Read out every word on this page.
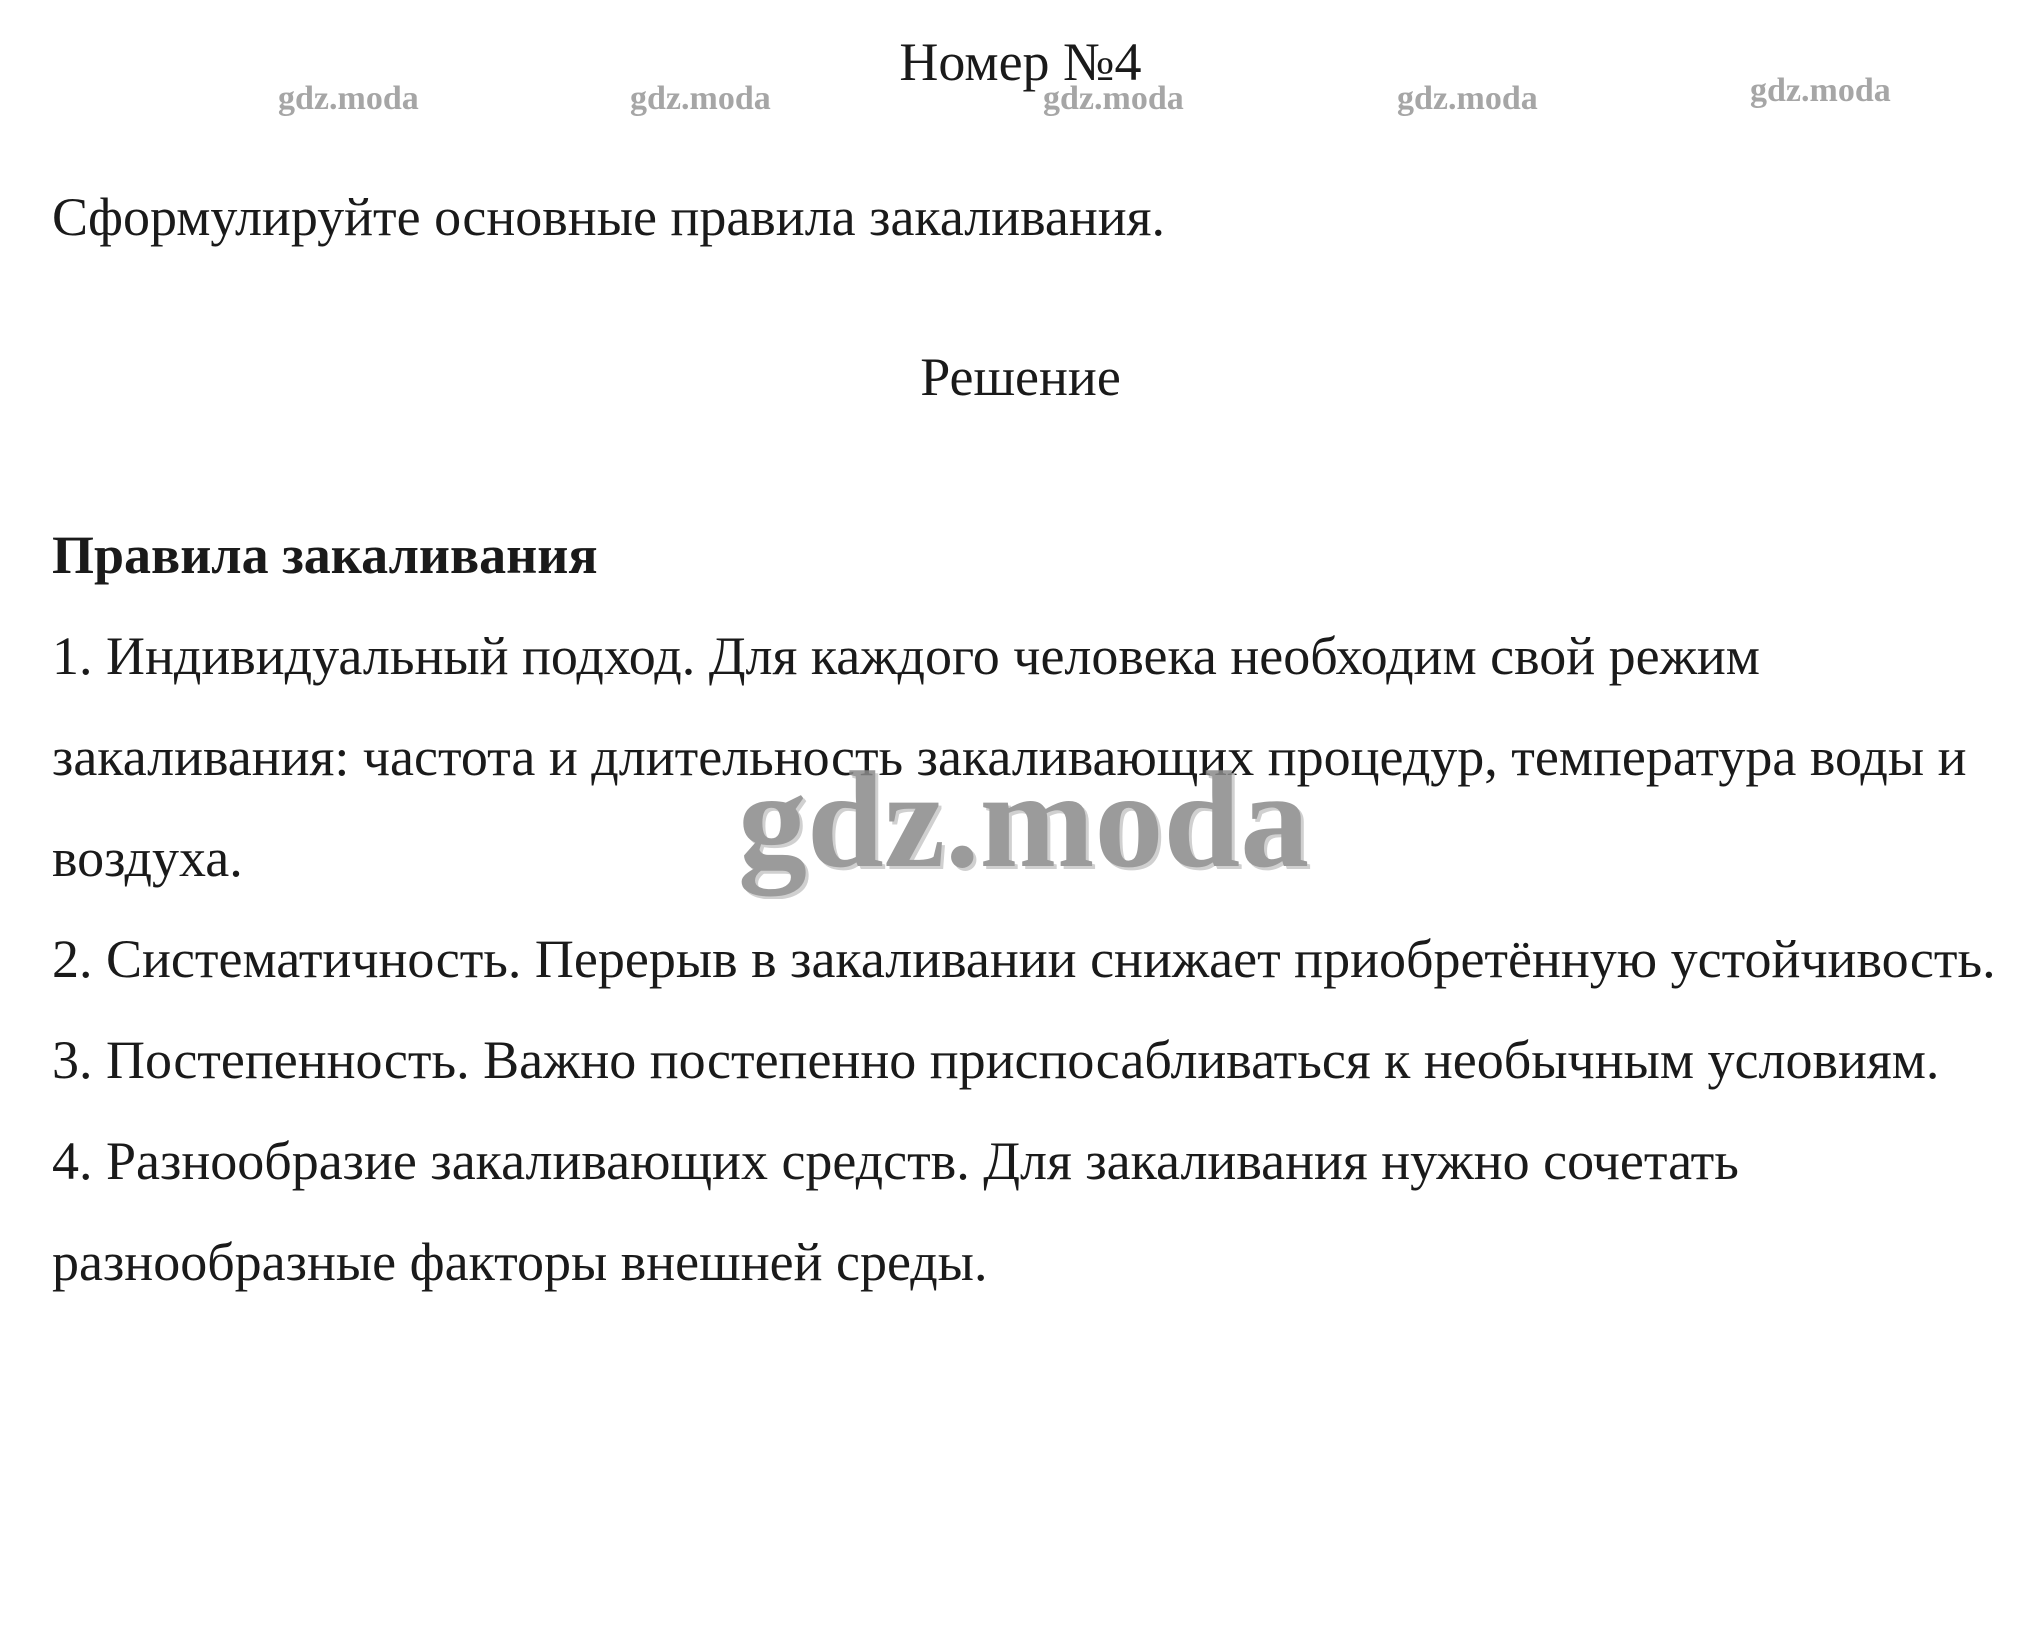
Номер №4
gdz.moda	gdz.moda	gdz.moda	gdz.moda	gdz.moda
Сформулируйте основные правила закаливания.
Решение

Правила закаливания

1. Индивидуальный подход. Для каждого человека необходим свой режим закаливания: частота и длительность закаливающих процедур, температура воды и воздуха.

2. Систематичность. Перерыв в закаливании снижает приобретённую устойчивость.

3. Постепенность. Важно постепенно приспосабливаться к необычным условиям.

4. Разнообразие закаливающих средств. Для закаливания нужно сочетать разнообразные факторы внешней среды.

gdz.moda
